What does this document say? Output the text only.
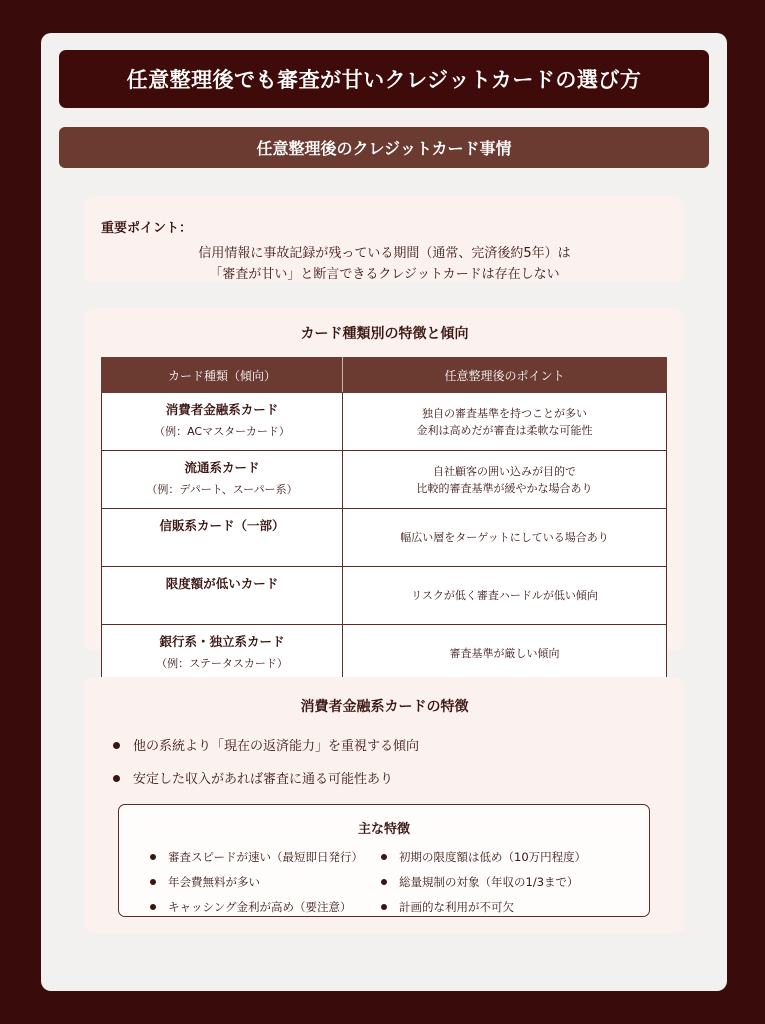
任意整理後でも審査が甘いクレジットカードの選び方
任意整理後のクレジットカード事情
重要ポイント：
信用情報に事故記録が残っている期間（通常、完済後約5年）は
「審査が甘い」と断言できるクレジットカードは存在しない
カード種類別の特徴と傾向
カード種類（傾向）	任意整理後のポイント

消費者金融系カード
（例：ACマスターカード）	独自の審査基準を持つことが多い
金利は高めだが審査は柔軟な可能性

流通系カード
（例：デパート、スーパー系）	自社顧客の囲い込みが目的で
比較的審査基準が緩やかな場合あり

信販系カード（一部）	幅広い層をターゲットにしている場合あり

限度額が低いカード	リスクが低く審査ハードルが低い傾向

銀行系・独立系カード
（例：ステータスカード）	審査基準が厳しい傾向
消費者金融系カードの特徴
他の系統より「現在の返済能力」を重視する傾向
安定した収入があれば審査に通る可能性あり
主な特徴
審査スピードが速い（最短即日発行）
年会費無料が多い
キャッシング金利が高め（要注意）
初期の限度額は低め（10万円程度）
総量規制の対象（年収の1/3まで）
計画的な利用が不可欠
